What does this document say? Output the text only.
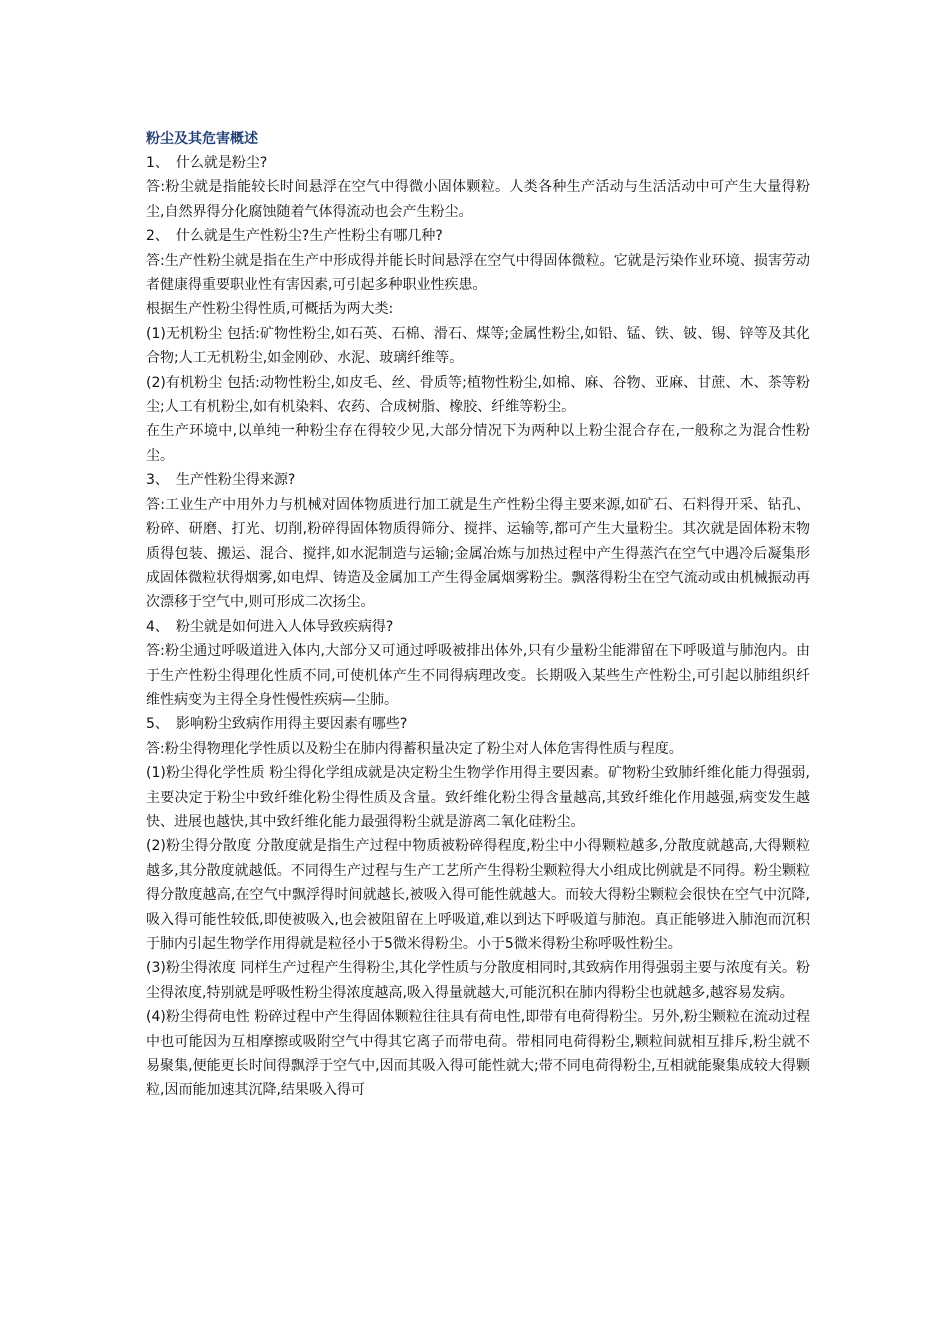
粉尘及其危害概述

1、　什么就是粉尘?

答:粉尘就是指能较长时间悬浮在空气中得微小固体颗粒。人类各种生产活动与生活活动中可产生大量得粉尘,自然界得分化腐蚀随着气体得流动也会产生粉尘。

2、　什么就是生产性粉尘?生产性粉尘有哪几种?

答:生产性粉尘就是指在生产中形成得并能长时间悬浮在空气中得固体微粒。它就是污染作业环境、损害劳动者健康得重要职业性有害因素,可引起多种职业性疾患。

根据生产性粉尘得性质,可概括为两大类:

(1)无机粉尘 包括:矿物性粉尘,如石英、石棉、滑石、煤等;金属性粉尘,如铅、锰、铁、铍、锡、锌等及其化合物;人工无机粉尘,如金刚砂、水泥、玻璃纤维等。

(2)有机粉尘 包括:动物性粉尘,如皮毛、丝、骨质等;植物性粉尘,如棉、麻、谷物、亚麻、甘蔗、木、茶等粉尘;人工有机粉尘,如有机染料、农药、合成树脂、橡胶、纤维等粉尘。

在生产环境中,以单纯一种粉尘存在得较少见,大部分情况下为两种以上粉尘混合存在,一般称之为混合性粉尘。

3、　生产性粉尘得来源?

答:工业生产中用外力与机械对固体物质进行加工就是生产性粉尘得主要来源,如矿石、石料得开采、钻孔、粉碎、研磨、打光、切削,粉碎得固体物质得筛分、搅拌、运输等,都可产生大量粉尘。其次就是固体粉末物质得包装、搬运、混合、搅拌,如水泥制造与运输;金属冶炼与加热过程中产生得蒸汽在空气中遇冷后凝集形成固体微粒状得烟雾,如电焊、铸造及金属加工产生得金属烟雾粉尘。飘落得粉尘在空气流动或由机械振动再次漂移于空气中,则可形成二次扬尘。

4、　粉尘就是如何进入人体导致疾病得?

答:粉尘通过呼吸道进入体内,大部分又可通过呼吸被排出体外,只有少量粉尘能滞留在下呼吸道与肺泡内。由于生产性粉尘得理化性质不同,可使机体产生不同得病理改变。长期吸入某些生产性粉尘,可引起以肺组织纤维性病变为主得全身性慢性疾病—尘肺。

5、　影响粉尘致病作用得主要因素有哪些?

答:粉尘得物理化学性质以及粉尘在肺内得蓄积量决定了粉尘对人体危害得性质与程度。

(1)粉尘得化学性质 粉尘得化学组成就是决定粉尘生物学作用得主要因素。矿物粉尘致肺纤维化能力得强弱,主要决定于粉尘中致纤维化粉尘得性质及含量。致纤维化粉尘得含量越高,其致纤维化作用越强,病变发生越快、进展也越快,其中致纤维化能力最强得粉尘就是游离二氧化硅粉尘。

(2)粉尘得分散度 分散度就是指生产过程中物质被粉碎得程度,粉尘中小得颗粒越多,分散度就越高,大得颗粒越多,其分散度就越低。不同得生产过程与生产工艺所产生得粉尘颗粒得大小组成比例就是不同得。粉尘颗粒得分散度越高,在空气中飘浮得时间就越长,被吸入得可能性就越大。而较大得粉尘颗粒会很快在空气中沉降,吸入得可能性较低,即使被吸入,也会被阻留在上呼吸道,难以到达下呼吸道与肺泡。真正能够进入肺泡而沉积于肺内引起生物学作用得就是粒径小于5微米得粉尘。小于5微米得粉尘称呼吸性粉尘。

(3)粉尘得浓度 同样生产过程产生得粉尘,其化学性质与分散度相同时,其致病作用得强弱主要与浓度有关。粉尘得浓度,特别就是呼吸性粉尘得浓度越高,吸入得量就越大,可能沉积在肺内得粉尘也就越多,越容易发病。

(4)粉尘得荷电性 粉碎过程中产生得固体颗粒往往具有荷电性,即带有电荷得粉尘。另外,粉尘颗粒在流动过程中也可能因为互相摩擦或吸附空气中得其它离子而带电荷。带相同电荷得粉尘,颗粒间就相互排斥,粉尘就不易聚集,便能更长时间得飘浮于空气中,因而其吸入得可能性就大;带不同电荷得粉尘,互相就能聚集成较大得颗粒,因而能加速其沉降,结果吸入得可
